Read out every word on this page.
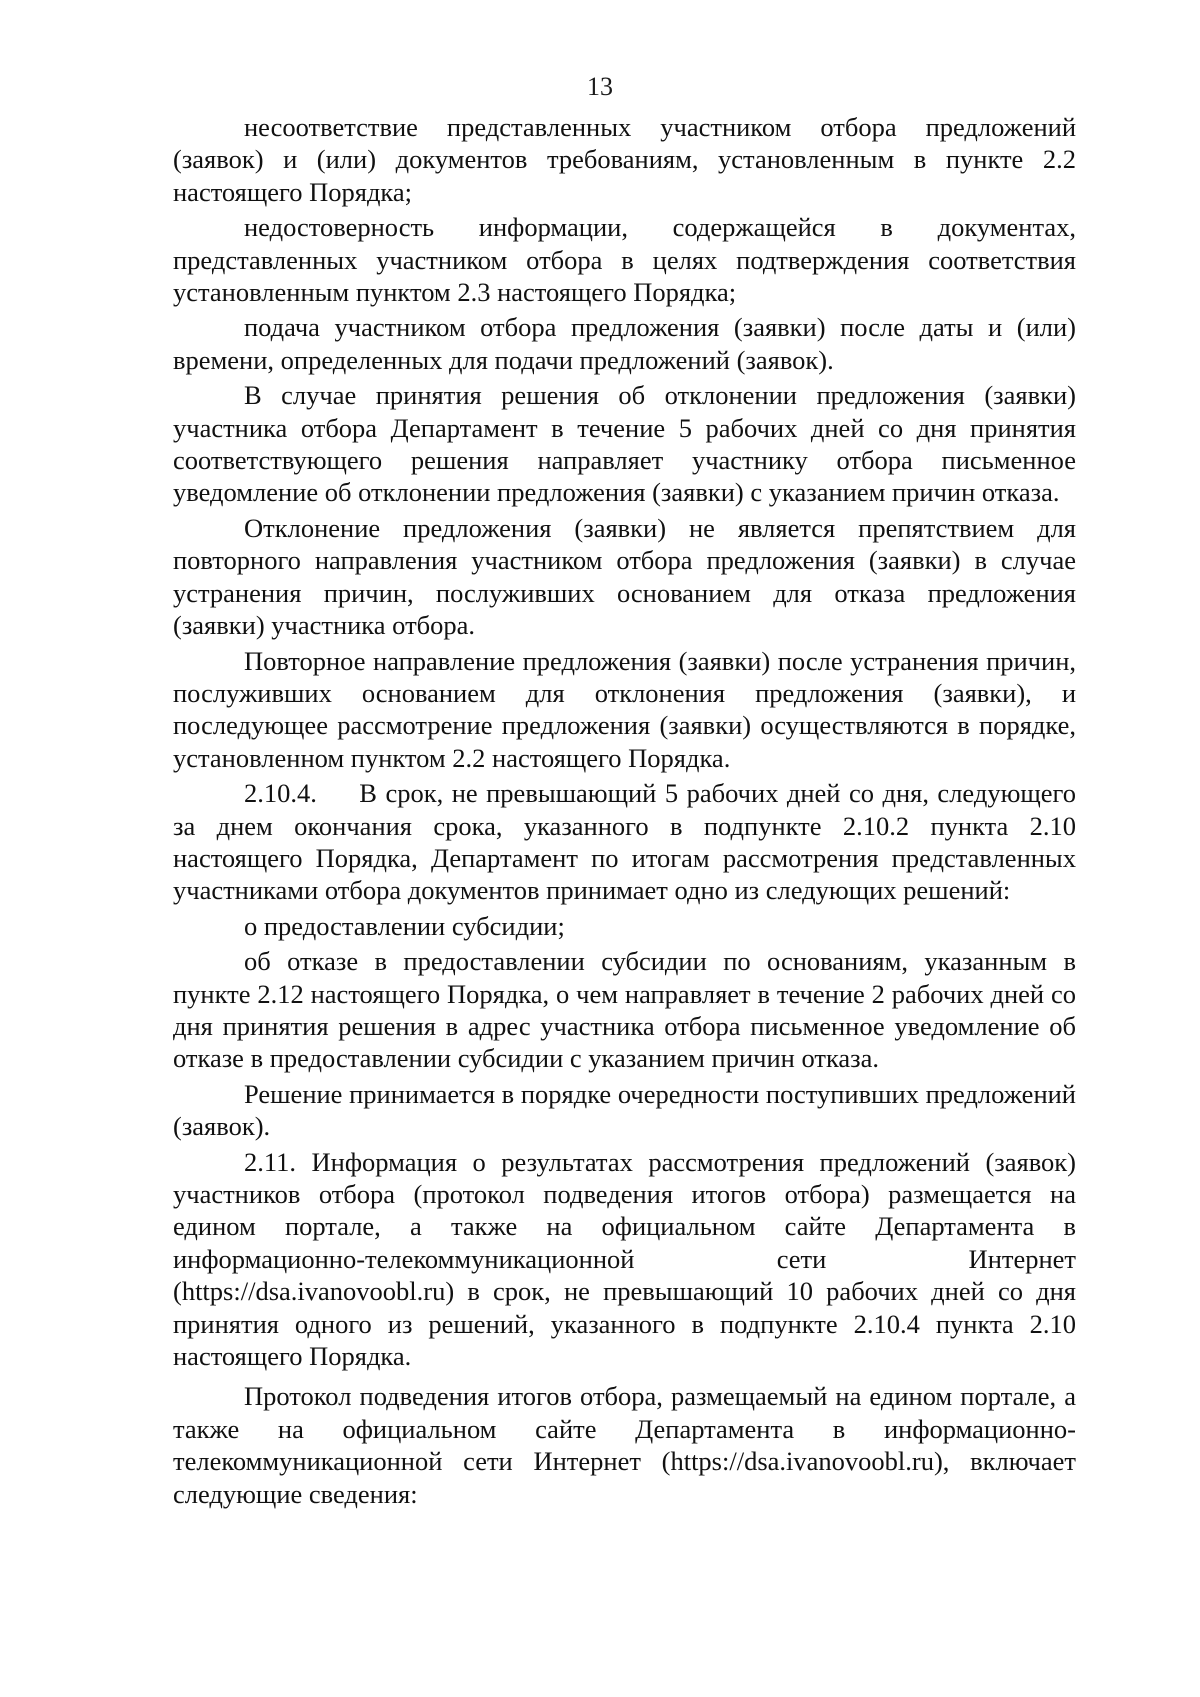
13

несоответствие представленных участником отбора предложений (заявок) и (или) документов требованиям, установленным в пункте 2.2 настоящего Порядка;

недостоверность информации, содержащейся в документах, представленных участником отбора в целях подтверждения соответствия установленным пунктом 2.3 настоящего Порядка;

подача участником отбора предложения (заявки) после даты и (или) времени, определенных для подачи предложений (заявок).

В случае принятия решения об отклонении предложения (заявки) участника отбора Департамент в течение 5 рабочих дней со дня принятия соответствующего решения направляет участнику отбора письменное уведомление об отклонении предложения (заявки) с указанием причин отказа.

Отклонение предложения (заявки) не является препятствием для повторного направления участником отбора предложения (заявки) в случае устранения причин, послуживших основанием для отказа предложения (заявки) участника отбора.

Повторное направление предложения (заявки) после устранения причин, послуживших основанием для отклонения предложения (заявки), и последующее рассмотрение предложения (заявки) осуществляются в порядке, установленном пунктом 2.2 настоящего Порядка.

2.10.4.     В срок, не превышающий 5 рабочих дней со дня, следующего за днем окончания срока, указанного в подпункте 2.10.2 пункта 2.10 настоящего Порядка, Департамент по итогам рассмотрения представленных участниками отбора документов принимает одно из следующих решений:

о предоставлении субсидии;

об отказе в предоставлении субсидии по основаниям, указанным в пункте 2.12 настоящего Порядка, о чем направляет в течение 2 рабочих дней со дня принятия решения в адрес участника отбора письменное уведомление об отказе в предоставлении субсидии с указанием причин отказа.

Решение принимается в порядке очередности поступивших предложений (заявок).

2.11. Информация о результатах рассмотрения предложений (заявок) участников отбора (протокол подведения итогов отбора) размещается на едином портале, а также на официальном сайте Департамента в информационно-телекоммуникационной сети Интернет (https://dsa.ivanovoobl.ru) в срок, не превышающий 10 рабочих дней со дня принятия одного из решений, указанного в подпункте 2.10.4 пункта 2.10 настоящего Порядка.

Протокол подведения итогов отбора, размещаемый на едином портале, а также на официальном сайте Департамента в информационно-телекоммуникационной сети Интернет (https://dsa.ivanovoobl.ru), включает следующие сведения:
